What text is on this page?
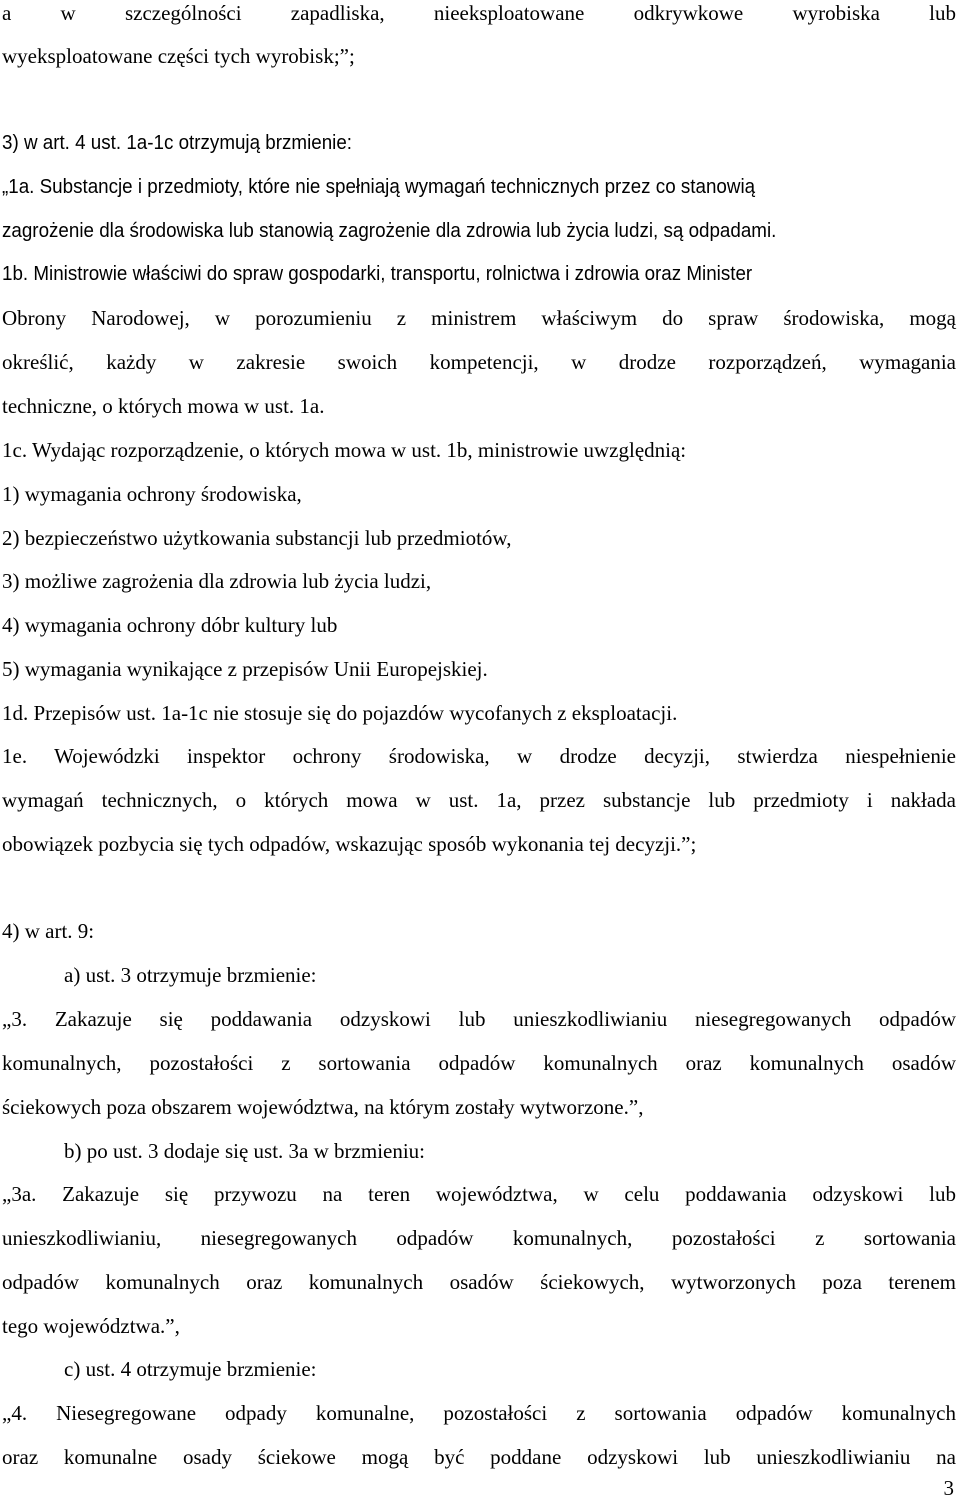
a w szczególności zapadliska, nieeksploatowane odkrywkowe wyrobiska lub
wyeksploatowane części tych wyrobisk;”;
3) w art. 4 ust. 1a-1c otrzymują brzmienie:
„1a. Substancje i przedmioty, które nie spełniają wymagań technicznych przez co stanowią
zagrożenie dla środowiska lub stanowią zagrożenie dla zdrowia lub życia ludzi, są odpadami.
1b. Ministrowie właściwi do spraw gospodarki, transportu, rolnictwa i zdrowia oraz Minister
Obrony Narodowej, w porozumieniu z ministrem właściwym do spraw środowiska, mogą
określić, każdy w zakresie swoich kompetencji, w drodze rozporządzeń, wymagania
techniczne, o których mowa w ust. 1a.
1c. Wydając rozporządzenie, o których mowa w ust. 1b, ministrowie uwzględnią:
1) wymagania ochrony środowiska,
2) bezpieczeństwo użytkowania substancji lub przedmiotów,
3) możliwe zagrożenia dla zdrowia lub życia ludzi,
4) wymagania ochrony dóbr kultury lub
5) wymagania wynikające z przepisów Unii Europejskiej.
1d. Przepisów ust. 1a-1c nie stosuje się do pojazdów wycofanych z eksploatacji.
1e. Wojewódzki inspektor ochrony środowiska, w drodze decyzji, stwierdza niespełnienie
wymagań technicznych, o których mowa w ust. 1a, przez substancje lub przedmioty i nakłada
obowiązek pozbycia się tych odpadów, wskazując sposób wykonania tej decyzji.”;
4) w art. 9:
a) ust. 3 otrzymuje brzmienie:
„3. Zakazuje się poddawania odzyskowi lub unieszkodliwianiu niesegregowanych odpadów
komunalnych, pozostałości z sortowania odpadów komunalnych oraz komunalnych osadów
ściekowych poza obszarem województwa, na którym zostały wytworzone.”,
b) po ust. 3 dodaje się ust. 3a w brzmieniu:
„3a. Zakazuje się przywozu na teren województwa, w celu poddawania odzyskowi lub
unieszkodliwianiu, niesegregowanych odpadów komunalnych, pozostałości z sortowania
odpadów komunalnych oraz komunalnych osadów ściekowych, wytworzonych poza terenem
tego województwa.”,
c) ust. 4 otrzymuje brzmienie:
„4. Niesegregowane odpady komunalne, pozostałości z sortowania odpadów komunalnych
oraz komunalne osady ściekowe mogą być poddane odzyskowi lub unieszkodliwianiu na
3
